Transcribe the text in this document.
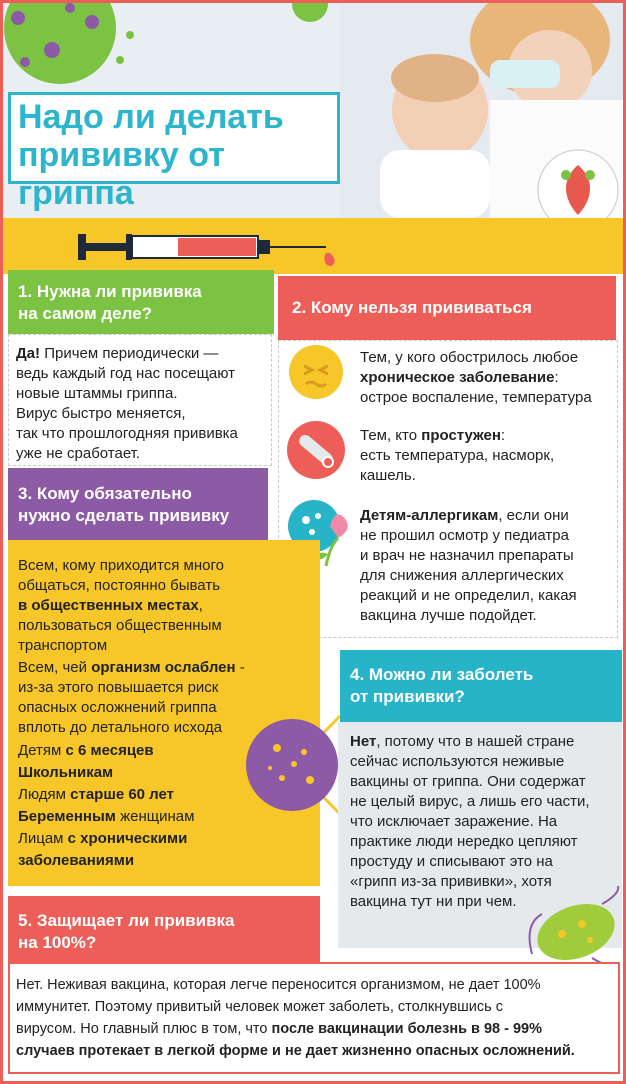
Надо ли делать
прививку от гриппа
1. Нужна ли прививка
на самом деле?
Да! Причем периодически —
ведь каждый год нас посещают
новые штаммы гриппа.
Вирус быстро меняется,
так что прошлогодняя прививка
уже не сработает.
2. Кому нельзя прививаться
Тем, у кого обострилось любое
хроническое заболевание:
острое воспаление, температура
Тем, кто простужен:
есть температура, насморк,
кашель.
Детям-аллергикам, если они
не прошил осмотр у педиатра
и врач не назначил препараты
для снижения аллергических
реакций и не определил, какая
вакцина лучше подойдет.
3. Кому обязательно
нужно сделать прививку
Всем, кому приходится много
общаться, постоянно бывать
в общественных местах,
пользоваться общественным
транспортом
Всем, чей организм ослаблен -
из-за этого повышается риск
опасных осложнений гриппа
вплоть до летального исхода
Детям с 6 месяцев
Школьникам
Людям старше 60 лет
Беременным женщинам
Лицам с хроническими
заболеваниями
4. Можно ли заболеть
от прививки?
Нет, потому что в нашей стране
сейчас используются неживые
вакцины от гриппа. Они содержат
не целый вирус, а лишь его части,
что исключает заражение. На
практике люди нередко цепляют
простуду и списывают это на
«грипп из-за прививки», хотя
вакцина тут ни при чем.
5. Защищает ли прививка
на 100%?
Нет. Неживая вакцина, которая легче переносится организмом, не дает 100%
иммунитет. Поэтому привитый человек может заболеть, столкнувшись с
вирусом. Но главный плюс в том, что после вакцинации болезнь в 98 - 99%
случаев протекает в легкой форме и не дает жизненно опасных осложнений.
